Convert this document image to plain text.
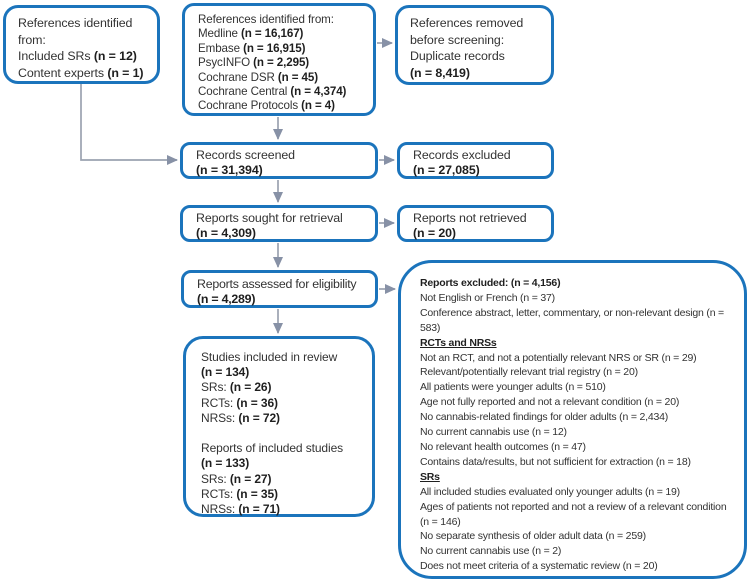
References identified
from:
Included SRs (n = 12)
Content experts (n = 1)
References identified from:
Medline (n = 16,167)
Embase (n = 16,915)
PsycINFO (n = 2,295)
Cochrane DSR (n = 45)
Cochrane Central (n = 4,374)
Cochrane Protocols (n = 4)
References removed
before screening:
Duplicate records
(n = 8,419)
Records screened
(n = 31,394)
Records excluded
(n = 27,085)
Reports sought for retrieval
(n = 4,309)
Reports not retrieved
(n = 20)
Reports assessed for eligibility
(n = 4,289)
Reports excluded: (n = 4,156)
Not English or French (n = 37)
Conference abstract, letter, commentary, or non-relevant design (n = 583)
RCTs and NRSs
Not an RCT, and not a potentially relevant NRS or SR (n = 29)
Relevant/potentially relevant trial registry (n = 20)
All patients were younger adults (n = 510)
Age not fully reported and not a relevant condition (n = 20)
No cannabis-related findings for older adults (n = 2,434)
No current cannabis use (n = 12)
No relevant health outcomes (n = 47)
Contains data/results, but not sufficient for extraction (n = 18)
SRs
All included studies evaluated only younger adults (n = 19)
Ages of patients not reported and not a review of a relevant condition (n = 146)
No separate synthesis of older adult data (n = 259)
No current cannabis use (n = 2)
Does not meet criteria of a systematic review (n = 20)
Studies included in review
(n = 134)
SRs: (n = 26)
RCTs: (n = 36)
NRSs: (n = 72)

Reports of included studies
(n = 133)
SRs: (n = 27)
RCTs: (n = 35)
NRSs: (n = 71)
